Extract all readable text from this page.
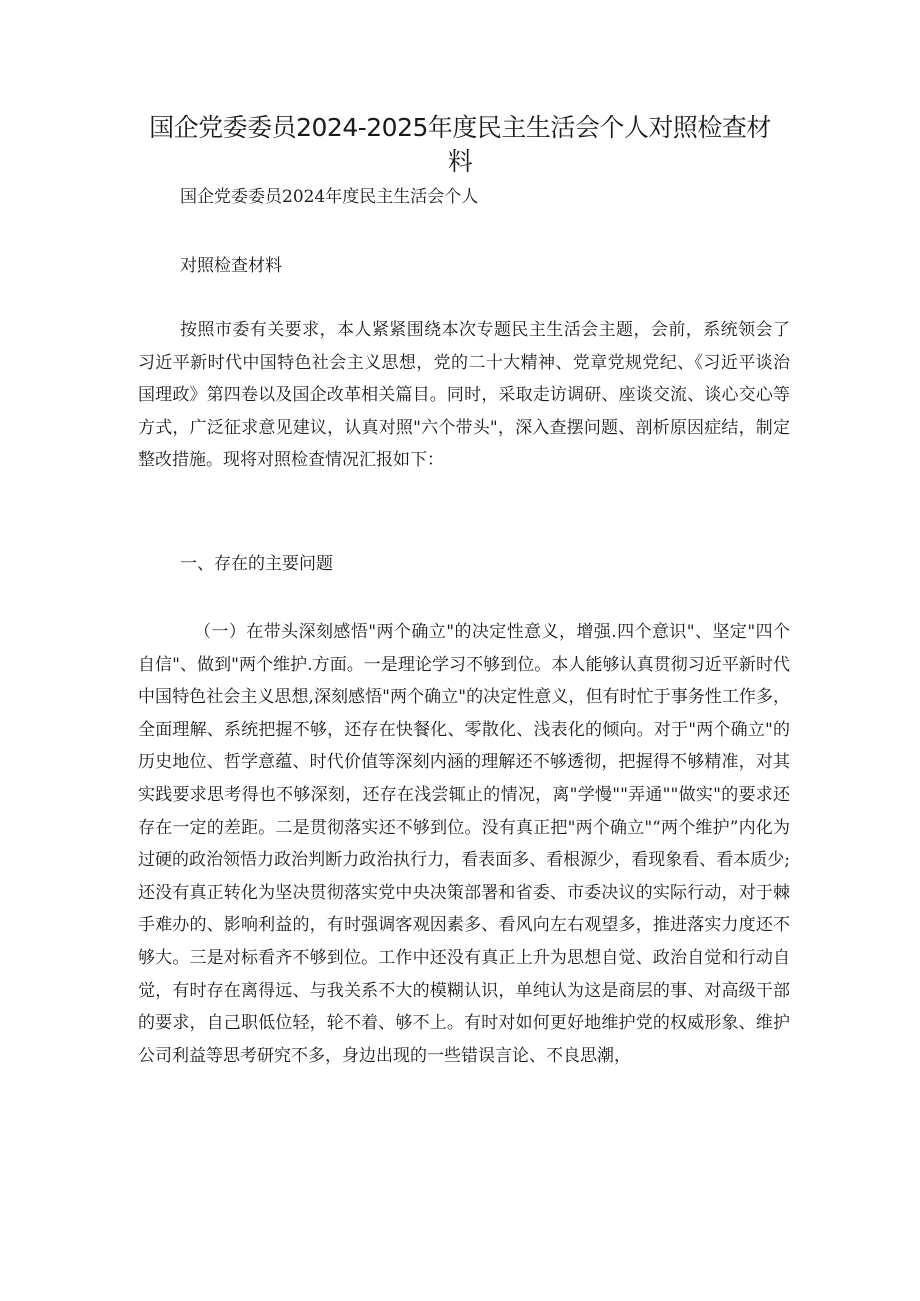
国企党委委员2024-2025年度民主生活会个人对照检查材料
国企党委委员2024年度民主生活会个人
对照检查材料

按照市委有关要求，本人紧紧围绕本次专题民主生活会主题，会前，系统领会了习近平新时代中国特色社会主义思想，党的二十大精神、党章党规党纪、《习近平谈治国理政》第四卷以及国企改革相关篇目。同时，采取走访调研、座谈交流、谈心交心等方式，广泛征求意见建议，认真对照"六个带头"，深入查摆问题、剖析原因症结，制定整改措施。现将对照检查情况汇报如下：

一、存在的主要问题

（一）在带头深刻感悟"两个确立"的决定性意义，增强.四个意识"、坚定"四个自信"、做到"两个维护.方面。一是理论学习不够到位。本人能够认真贯彻习近平新时代中国特色社会主义思想,深刻感悟"两个确立"的决定性意义，但有时忙于事务性工作多，全面理解、系统把握不够，还存在快餐化、零散化、浅表化的倾向。对于"两个确立"的历史地位、哲学意蕴、时代价值等深刻内涵的理解还不够透彻，把握得不够精准，对其实践要求思考得也不够深刻，还存在浅尝辄止的情况，离"学慢""弄通""做实"的要求还存在一定的差距。二是贯彻落实还不够到位。没有真正把"两个确立"“两个维护”内化为过硬的政治领悟力政治判断力政治执行力，看表面多、看根源少，看现象看、看本质少;还没有真正转化为坚决贯彻落实党中央决策部署和省委、市委决议的实际行动，对于棘手难办的、影响利益的，有时强调客观因素多、看风向左右观望多，推进落实力度还不够大。三是对标看齐不够到位。工作中还没有真正上升为思想自觉、政治自觉和行动自觉，有时存在离得远、与我关系不大的模糊认识，单纯认为这是商层的事、对高级干部的要求，自己职低位轻，轮不着、够不上。有时对如何更好地维护党的权威形象、维护公司利益等思考研究不多，身边出现的一些错误言论、不良思潮，
